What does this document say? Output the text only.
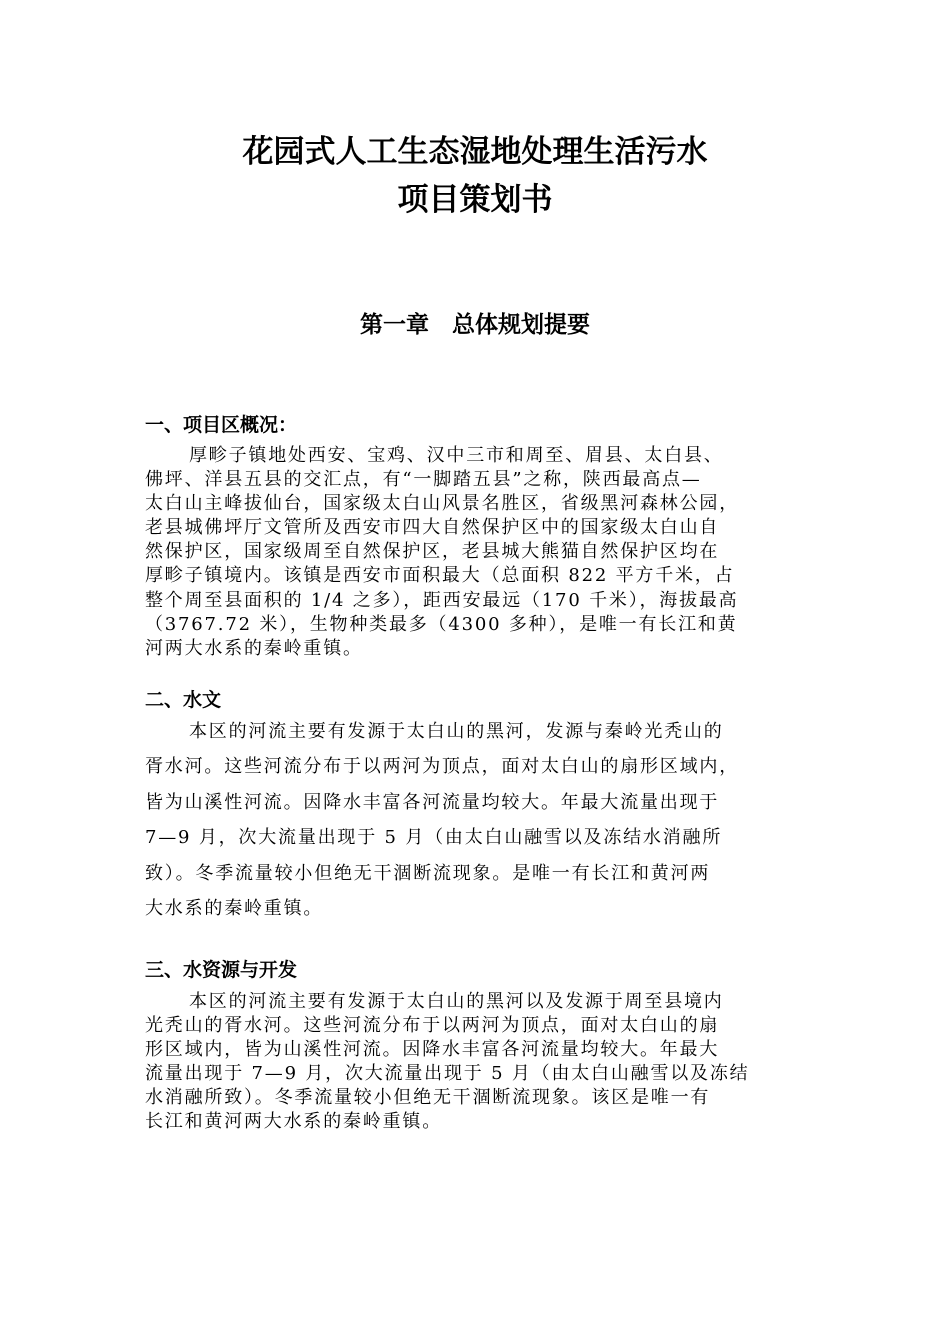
花园式人工生态湿地处理生活污水
项目策划书
第一章　总体规划提要
一、项目区概况：
厚畛子镇地处西安、宝鸡、汉中三市和周至、眉县、太白县、
佛坪、洋县五县的交汇点，有“一脚踏五县”之称，陕西最高点—
太白山主峰拔仙台，国家级太白山风景名胜区，省级黑河森林公园，
老县城佛坪厅文管所及西安市四大自然保护区中的国家级太白山自
然保护区，国家级周至自然保护区，老县城大熊猫自然保护区均在
厚畛子镇境内。该镇是西安市面积最大（总面积 822 平方千米，占
整个周至县面积的 1/4 之多），距西安最远（170 千米），海拔最高
（3767.72 米），生物种类最多（4300 多种），是唯一有长江和黄
河两大水系的秦岭重镇。
二、水文
本区的河流主要有发源于太白山的黑河，发源与秦岭光秃山的
胥水河。这些河流分布于以两河为顶点，面对太白山的扇形区域内，
皆为山溪性河流。因降水丰富各河流量均较大。年最大流量出现于
7—9 月，次大流量出现于 5 月（由太白山融雪以及冻结水消融所
致）。冬季流量较小但绝无干涸断流现象。是唯一有长江和黄河两
大水系的秦岭重镇。
三、水资源与开发
本区的河流主要有发源于太白山的黑河以及发源于周至县境内
光秃山的胥水河。这些河流分布于以两河为顶点，面对太白山的扇
形区域内，皆为山溪性河流。因降水丰富各河流量均较大。年最大
流量出现于 7—9 月，次大流量出现于 5 月（由太白山融雪以及冻结
水消融所致）。冬季流量较小但绝无干涸断流现象。该区是唯一有
长江和黄河两大水系的秦岭重镇。
